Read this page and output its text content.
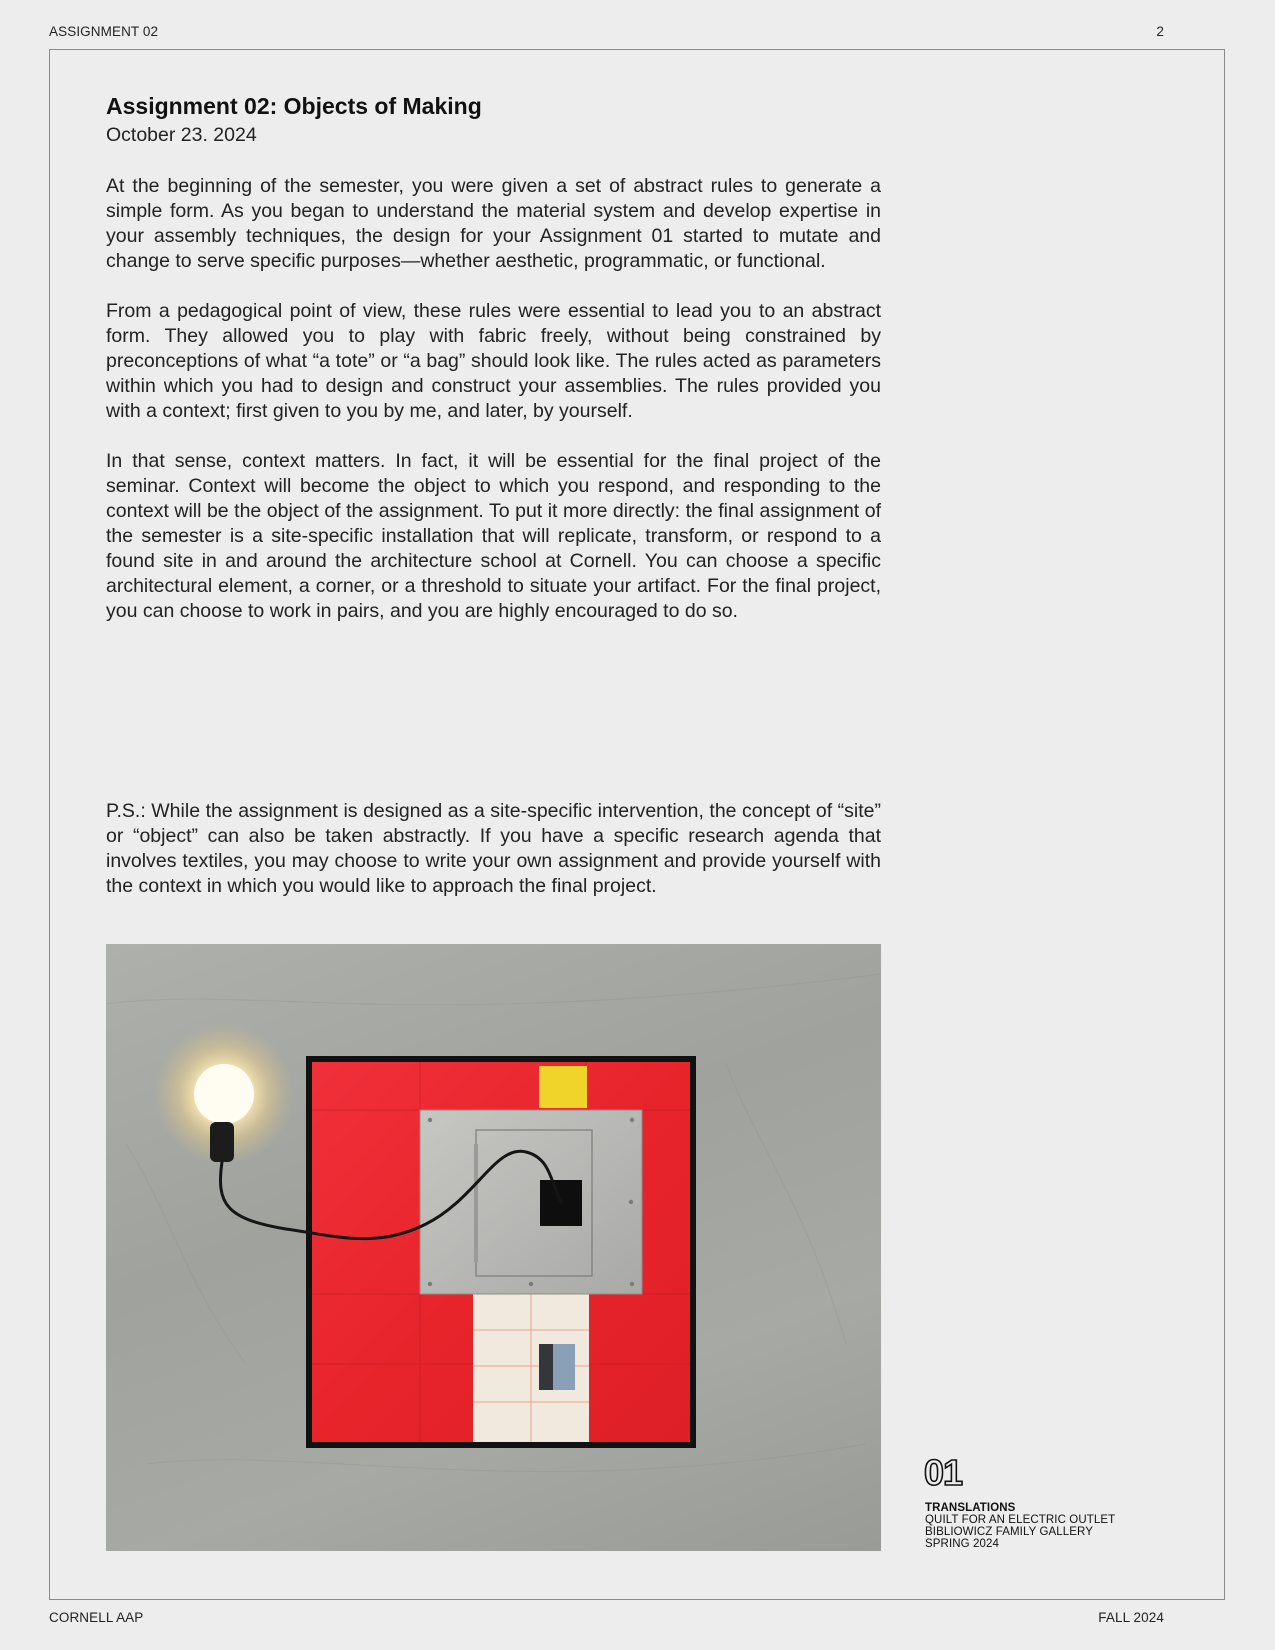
ASSIGNMENT 02	2
Assignment 02: Objects of Making
October 23. 2024

At the beginning of the semester, you were given a set of abstract rules to generate a simple form. As you began to understand the material system and develop expertise in your assembly techniques, the design for your Assignment 01 started to mutate and change to serve specific purposes—whether aesthetic, programmatic, or functional.

From a pedagogical point of view, these rules were essential to lead you to an abstract form. They allowed you to play with fabric freely, without being constrained by preconceptions of what “a tote” or “a bag” should look like. The rules acted as parameters within which you had to design and construct your assemblies. The rules provided you with a context; first given to you by me, and later, by yourself.

In that sense, context matters. In fact, it will be essential for the final project of the seminar. Context will become the object to which you respond, and responding to the context will be the object of the assignment. To put it more directly: the final assignment of the semester is a site-specific installation that will replicate, transform, or respond to a found site in and around the architecture school at Cornell. You can choose a specific architectural element, a corner, or a threshold to situate your artifact. For the final project, you can choose to work in pairs, and you are highly encouraged to do so.

P.S.: While the assignment is designed as a site-specific intervention, the concept of “site” or “object” can also be taken abstractly. If you have a specific research agenda that involves textiles, you may choose to write your own assignment and provide yourself with the context in which you would like to approach the final project.

01
TRANSLATIONS
QUILT FOR AN ELECTRIC OUTLET
BIBLIOWICZ FAMILY GALLERY
SPRING 2024
CORNELL AAP	FALL 2024
